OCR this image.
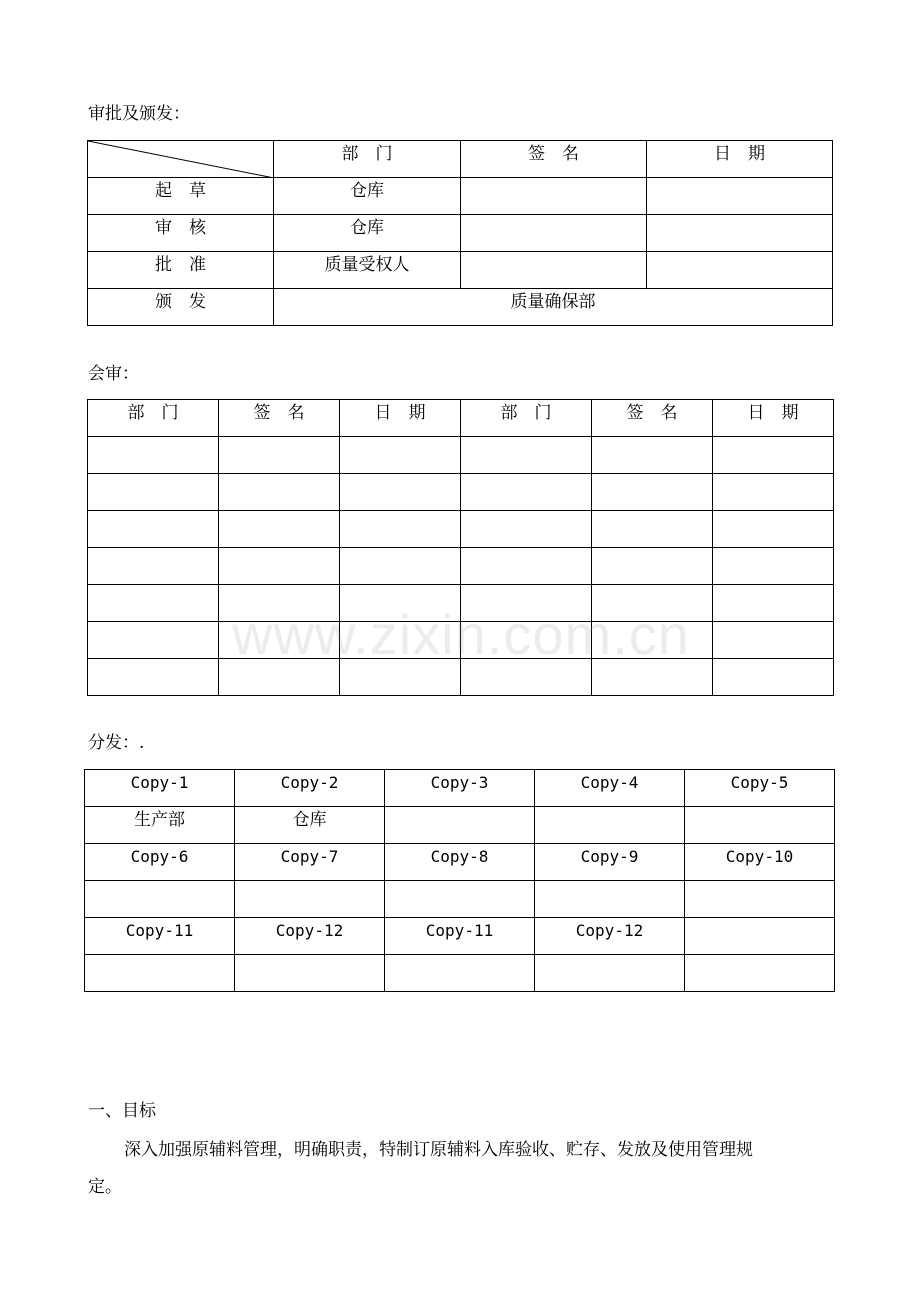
审批及颁发：
	部　门	签　名	日　期
起　草	仓库		
审　核	仓库		
批　准	质量受权人		
颁　发	质量确保部		
会审：
部　门	签　名	日　期	部　门	签　名	日　期

www.zixin.com.cn
分发：.
Copy-1	Copy-2	Copy-3	Copy-4	Copy-5
生产部	仓库			
Copy-6	Copy-7	Copy-8	Copy-9	Copy-10

Copy-11	Copy-12	Copy-11	Copy-12	

一、目标
深入加强原辅料管理，明确职责，特制订原辅料入库验收、贮存、发放及使用管理规
定。
